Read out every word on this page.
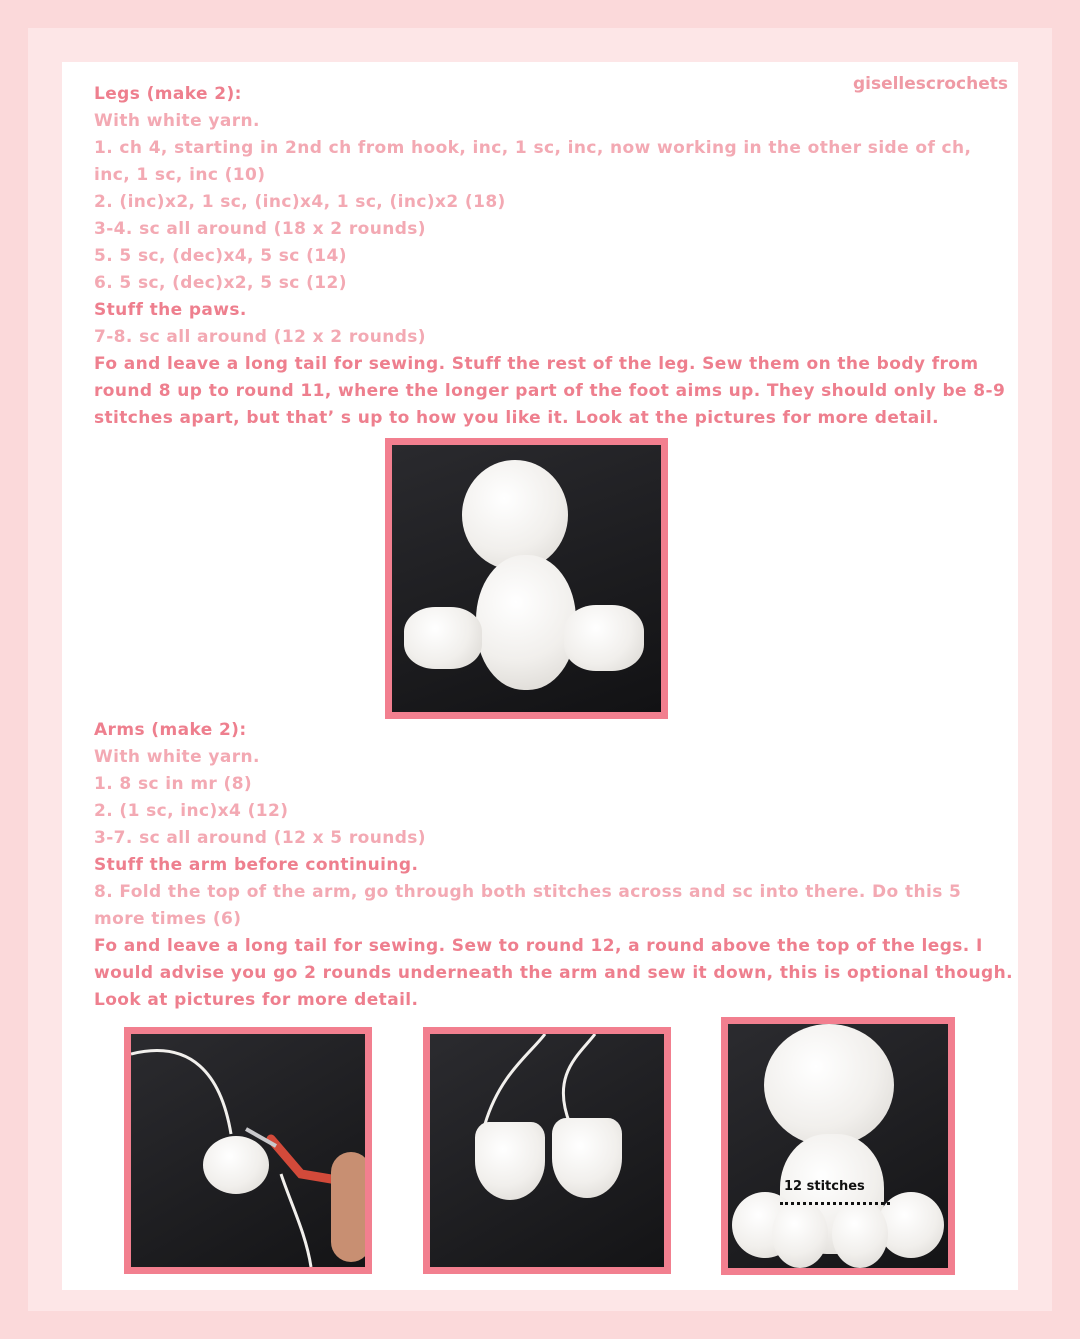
gisellescrochets
Legs (make 2):
With white yarn.
1. ch 4, starting in 2nd ch from hook, inc, 1 sc, inc, now working in the other side of ch,
inc, 1 sc, inc (10)
2. (inc)x2, 1 sc, (inc)x4, 1 sc, (inc)x2 (18)
3-4. sc all around (18 x 2 rounds)
5. 5 sc, (dec)x4, 5 sc (14)
6. 5 sc, (dec)x2, 5 sc (12)
Stuff the paws.
7-8. sc all around (12 x 2 rounds)
Fo and leave a long tail for sewing. Stuff the rest of the leg. Sew them on the body from
round 8 up to round 11, where the longer part of the foot aims up. They should only be 8-9
stitches apart, but that’ s up to how you like it. Look at the pictures for more detail.
Arms (make 2):
With white yarn.
1. 8 sc in mr (8)
2. (1 sc, inc)x4 (12)
3-7. sc all around (12 x 5 rounds)
Stuff the arm before continuing.
8. Fold the top of the arm, go through both stitches across and sc into there. Do this 5
more times (6)
Fo and leave a long tail for sewing. Sew to round 12, a round above the top of the legs. I
would advise you go 2 rounds underneath the arm and sew it down, this is optional though.
Look at pictures for more detail.
12 stitches
